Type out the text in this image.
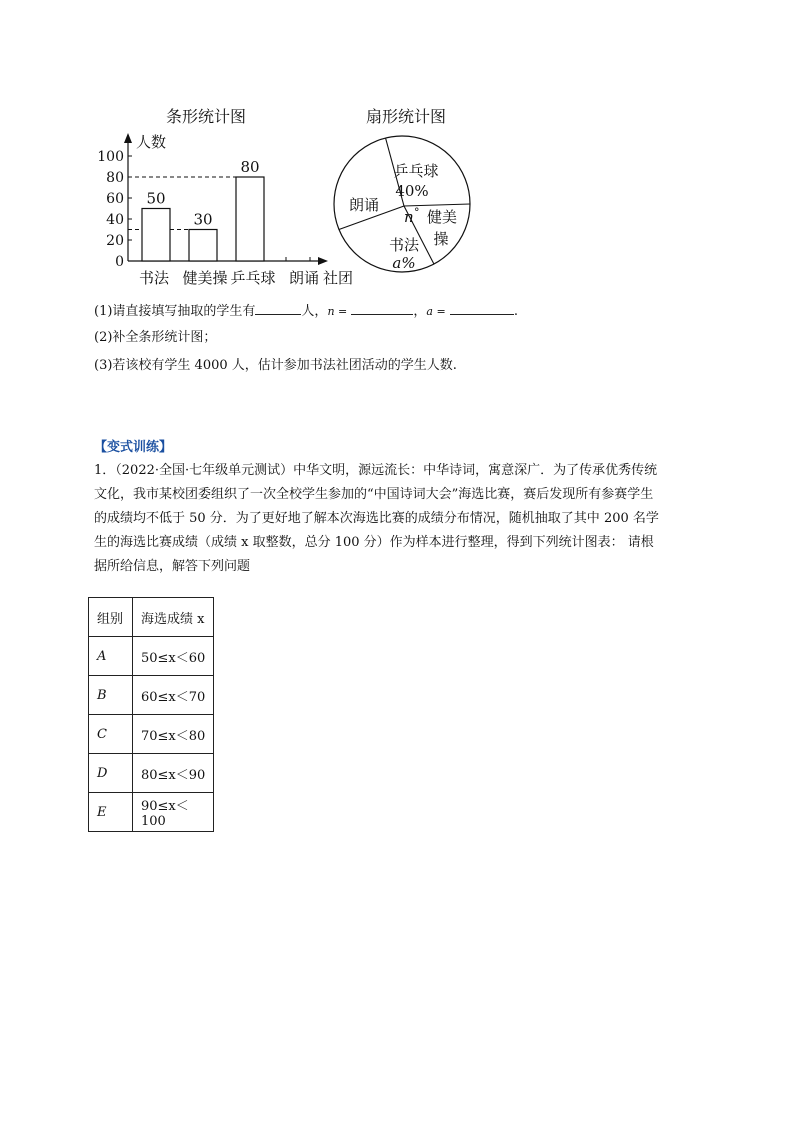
条形统计图	扇形统计图
人数
0
20
40
60
80
100
50
30
80
书法 健美操 乒乓球 朗诵 社团
乒乓球
40%
n ° 健美
操
书法
a%
朗诵
(1)请直接填写抽取的学生有	人，n =	，a =	.
(2)补全条形统计图；
(3)若该校有学生 4000 人，估计参加书法社团活动的学生人数.
【变式训练】
1．（2022·全国·七年级单元测试）中华文明，源远流长：中华诗词，寓意深广．为了传承优秀传统
文化，我市某校团委组织了一次全校学生参加的“中国诗词大会”海选比赛，赛后发现所有参赛学生
的成绩均不低于 50 分．为了更好地了解本次海选比赛的成绩分布情况，随机抽取了其中 200 名学
生的海选比赛成绩（成绩 x 取整数，总分 100 分）作为样本进行整理，得到下列统计图表： 请根
据所给信息，解答下列问题
组别	海选成绩 x
A	50≤x＜60
B	60≤x＜70
C	70≤x＜80
D	80≤x＜90
E	90≤x＜100
